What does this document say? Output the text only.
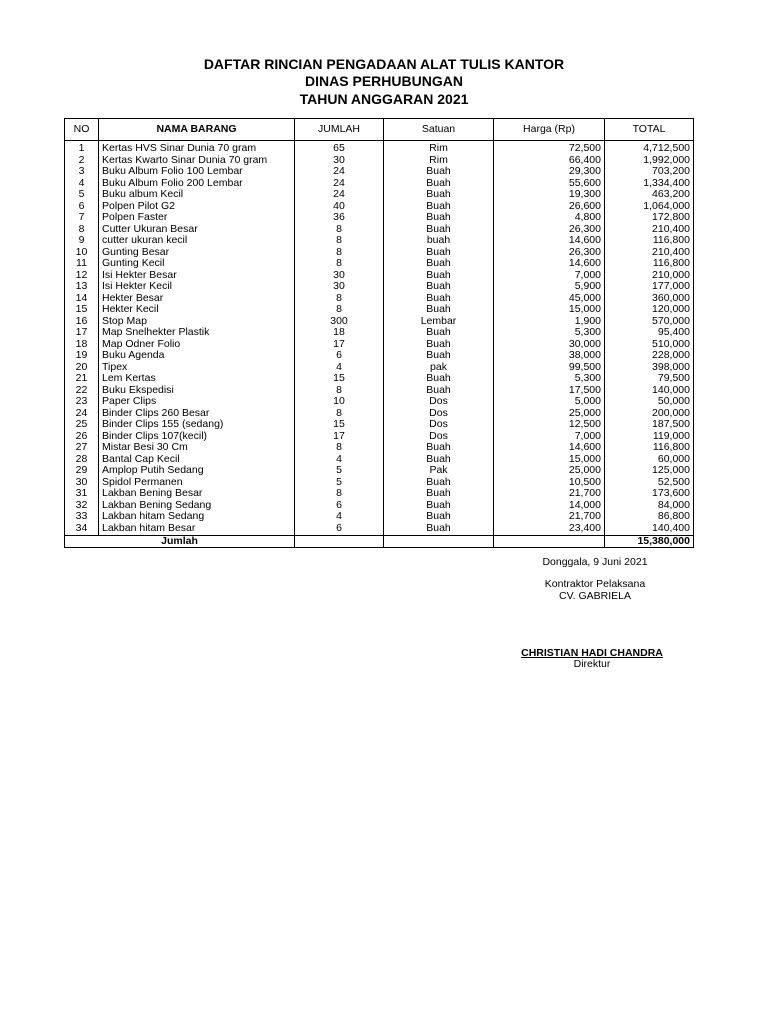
DAFTAR RINCIAN PENGADAAN ALAT TULIS KANTOR
DINAS PERHUBUNGAN
TAHUN ANGGARAN 2021
NO	NAMA BARANG	JUMLAH	Satuan	Harga (Rp)	TOTAL
1	Kertas HVS Sinar Dunia 70 gram	65	Rim	72,500	4,712,500
2	Kertas Kwarto Sinar Dunia 70 gram	30	Rim	66,400	1,992,000
3	Buku Album Folio 100 Lembar	24	Buah	29,300	703,200
4	Buku Album Folio 200 Lembar	24	Buah	55,600	1,334,400
5	Buku album Kecil	24	Buah	19,300	463,200
6	Polpen Pilot G2	40	Buah	26,600	1,064,000
7	Polpen Faster	36	Buah	4,800	172,800
8	Cutter Ukuran Besar	8	Buah	26,300	210,400
9	cutter ukuran kecil	8	buah	14,600	116,800
10	Gunting Besar	8	Buah	26,300	210,400
11	Gunting Kecil	8	Buah	14,600	116,800
12	Isi Hekter Besar	30	Buah	7,000	210,000
13	Isi Hekter Kecil	30	Buah	5,900	177,000
14	Hekter Besar	8	Buah	45,000	360,000
15	Hekter Kecil	8	Buah	15,000	120,000
16	Stop Map	300	Lembar	1,900	570,000
17	Map Snelhekter Plastik	18	Buah	5,300	95,400
18	Map Odner Folio	17	Buah	30,000	510,000
19	Buku Agenda	6	Buah	38,000	228,000
20	Tipex	4	pak	99,500	398,000
21	Lem Kertas	15	Buah	5,300	79,500
22	Buku Ekspedisi	8	Buah	17,500	140,000
23	Paper Clips	10	Dos	5,000	50,000
24	Binder Clips 260 Besar	8	Dos	25,000	200,000
25	Binder Clips 155 (sedang)	15	Dos	12,500	187,500
26	Binder Clips 107(kecil)	17	Dos	7,000	119,000
27	Mistar Besi 30 Cm	8	Buah	14,600	116,800
28	Bantal Cap Kecil	4	Buah	15,000	60,000
29	Amplop Putih Sedang	5	Pak	25,000	125,000
30	Spidol Permanen	5	Buah	10,500	52,500
31	Lakban Bening Besar	8	Buah	21,700	173,600
32	Lakban Bening Sedang	6	Buah	14,000	84,000
33	Lakban hitam Sedang	4	Buah	21,700	86,800
34	Lakban hitam Besar	6	Buah	23,400	140,400
Jumlah					15,380,000
Donggala, 9 Juni 2021
Kontraktor Pelaksana
CV. GABRIELA
CHRISTIAN HADI CHANDRA
Direktur
